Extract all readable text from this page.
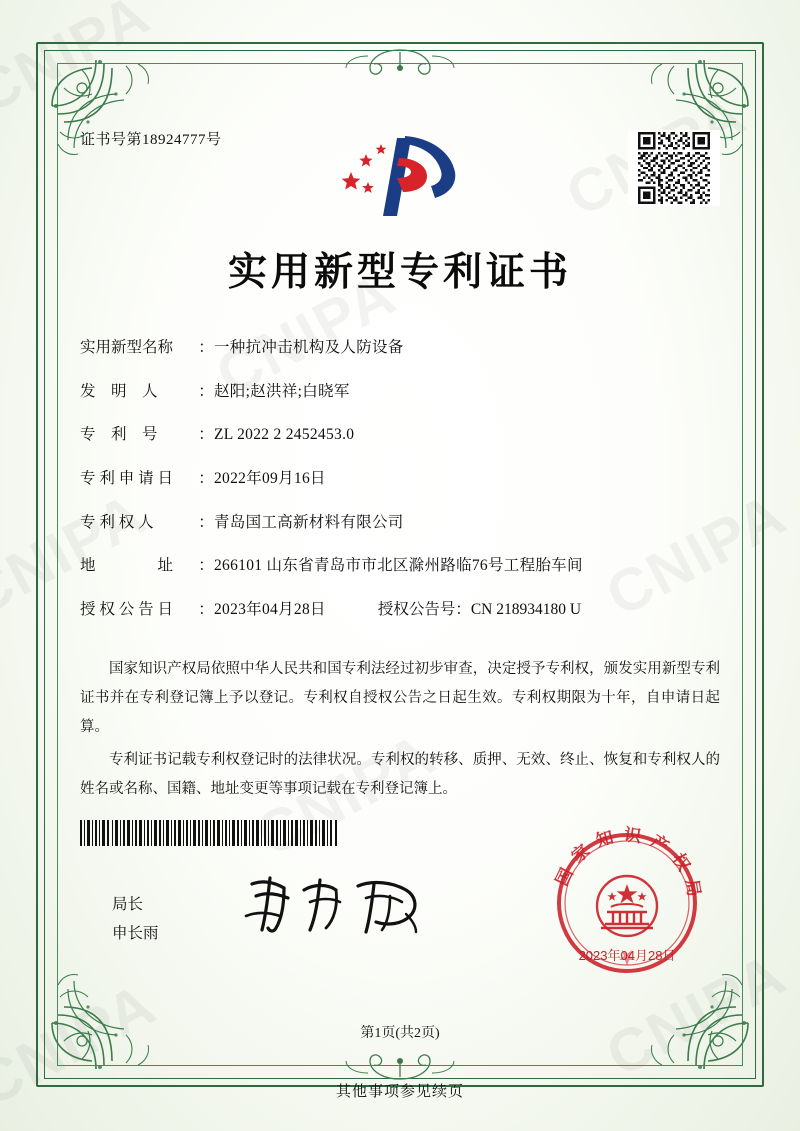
证书号第18924777号
实用新型专利证书
实用新型名称	： 一种抗冲击机构及人防设备
发　明　人	： 赵阳;赵洪祥;白晓军
专　利　号	： ZL 2022 2 2452453.0
专 利 申 请 日	： 2022年09月16日
专 利 权 人	： 青岛国工高新材料有限公司
地　　　　址	： 266101 山东省青岛市市北区滁州路临76号工程胎车间
授 权 公 告 日	： 2023年04月28日	授权公告号： CN 218934180 U

国家知识产权局依照中华人民共和国专利法经过初步审查，决定授予专利权，颁发实用新型专利证书并在专利登记簿上予以登记。专利权自授权公告之日起生效。专利权期限为十年，自申请日起算。

专利证书记载专利权登记时的法律状况。专利权的转移、质押、无效、终止、恢复和专利权人的姓名或名称、国籍、地址变更等事项记载在专利登记簿上。

局长
申长雨
国家知识产权局
2023年04月28日
第1页(共2页)
其他事项参见续页
